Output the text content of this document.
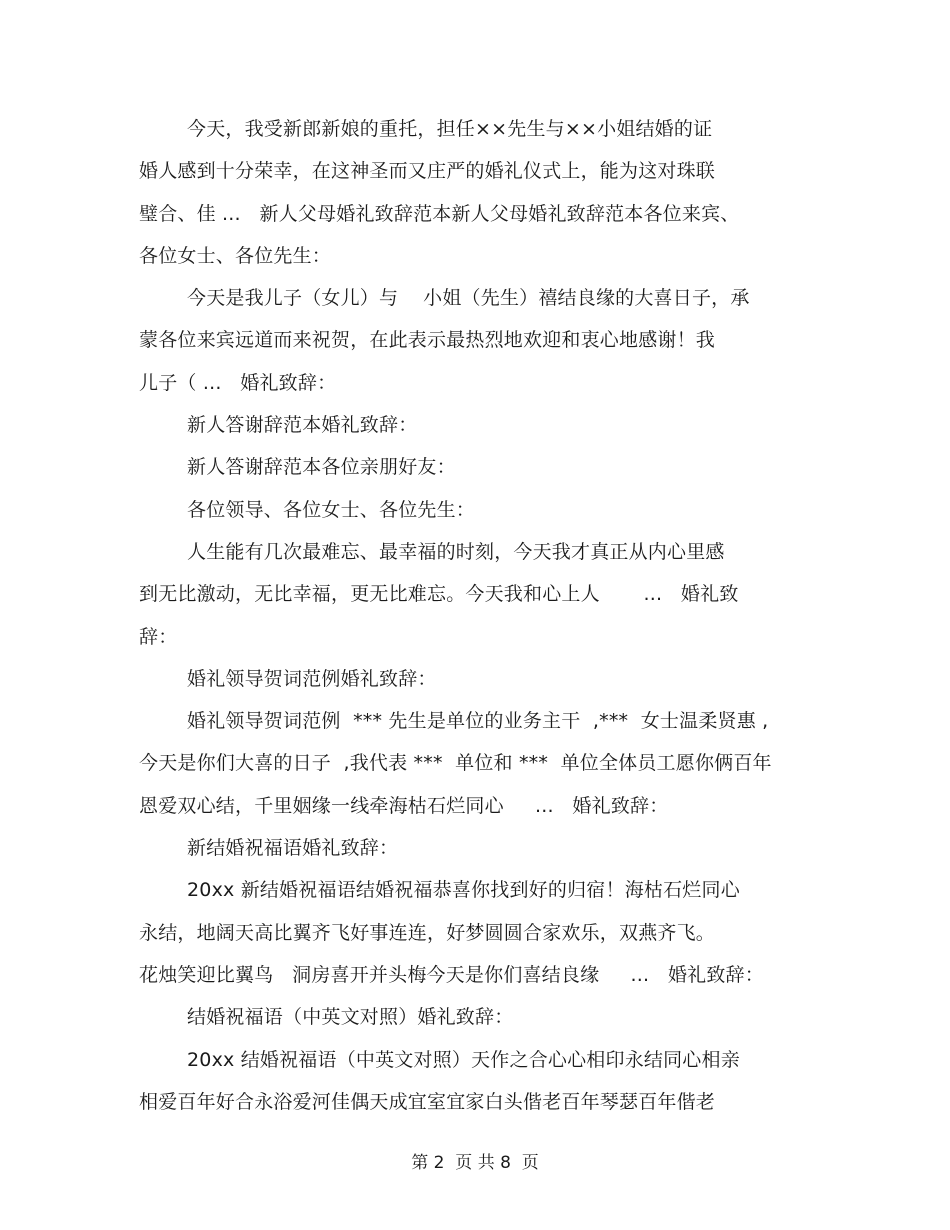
今天，我受新郎新娘的重托，担任××先生与××小姐结婚的证
婚人感到十分荣幸，在这神圣而又庄严的婚礼仪式上，能为这对珠联
璧合、佳 ...   新人父母婚礼致辞范本新人父母婚礼致辞范本各位来宾、
各位女士、各位先生：
今天是我儿子（女儿）与    小姐（先生）禧结良缘的大喜日子，承
蒙各位来宾远道而来祝贺，在此表示最热烈地欢迎和衷心地感谢！我
儿子（ ...   婚礼致辞：
新人答谢辞范本婚礼致辞：
新人答谢辞范本各位亲朋好友：
各位领导、各位女士、各位先生：
人生能有几次最难忘、最幸福的时刻，今天我才真正从内心里感
到无比激动，无比幸福，更无比难忘。今天我和心上人       ...   婚礼致
辞：
婚礼领导贺词范例婚礼致辞：
婚礼领导贺词范例  *** 先生是单位的业务主干  ,***  女士温柔贤惠 ,
今天是你们大喜的日子  ,我代表 ***  单位和 ***  单位全体员工愿你俩百年
恩爱双心结，千里姻缘一线牵海枯石烂同心     ...   婚礼致辞：
新结婚祝福语婚礼致辞：
20xx 新结婚祝福语结婚祝福恭喜你找到好的归宿！海枯石烂同心
永结，地阔天高比翼齐飞好事连连，好梦圆圆合家欢乐，双燕齐飞。
花烛笑迎比翼鸟   洞房喜开并头梅今天是你们喜结良缘     ...   婚礼致辞：
结婚祝福语（中英文对照）婚礼致辞：
20xx 结婚祝福语（中英文对照）天作之合心心相印永结同心相亲
相爱百年好合永浴爱河佳偶天成宜室宜家白头偕老百年琴瑟百年偕老
第 2  页 共 8  页
